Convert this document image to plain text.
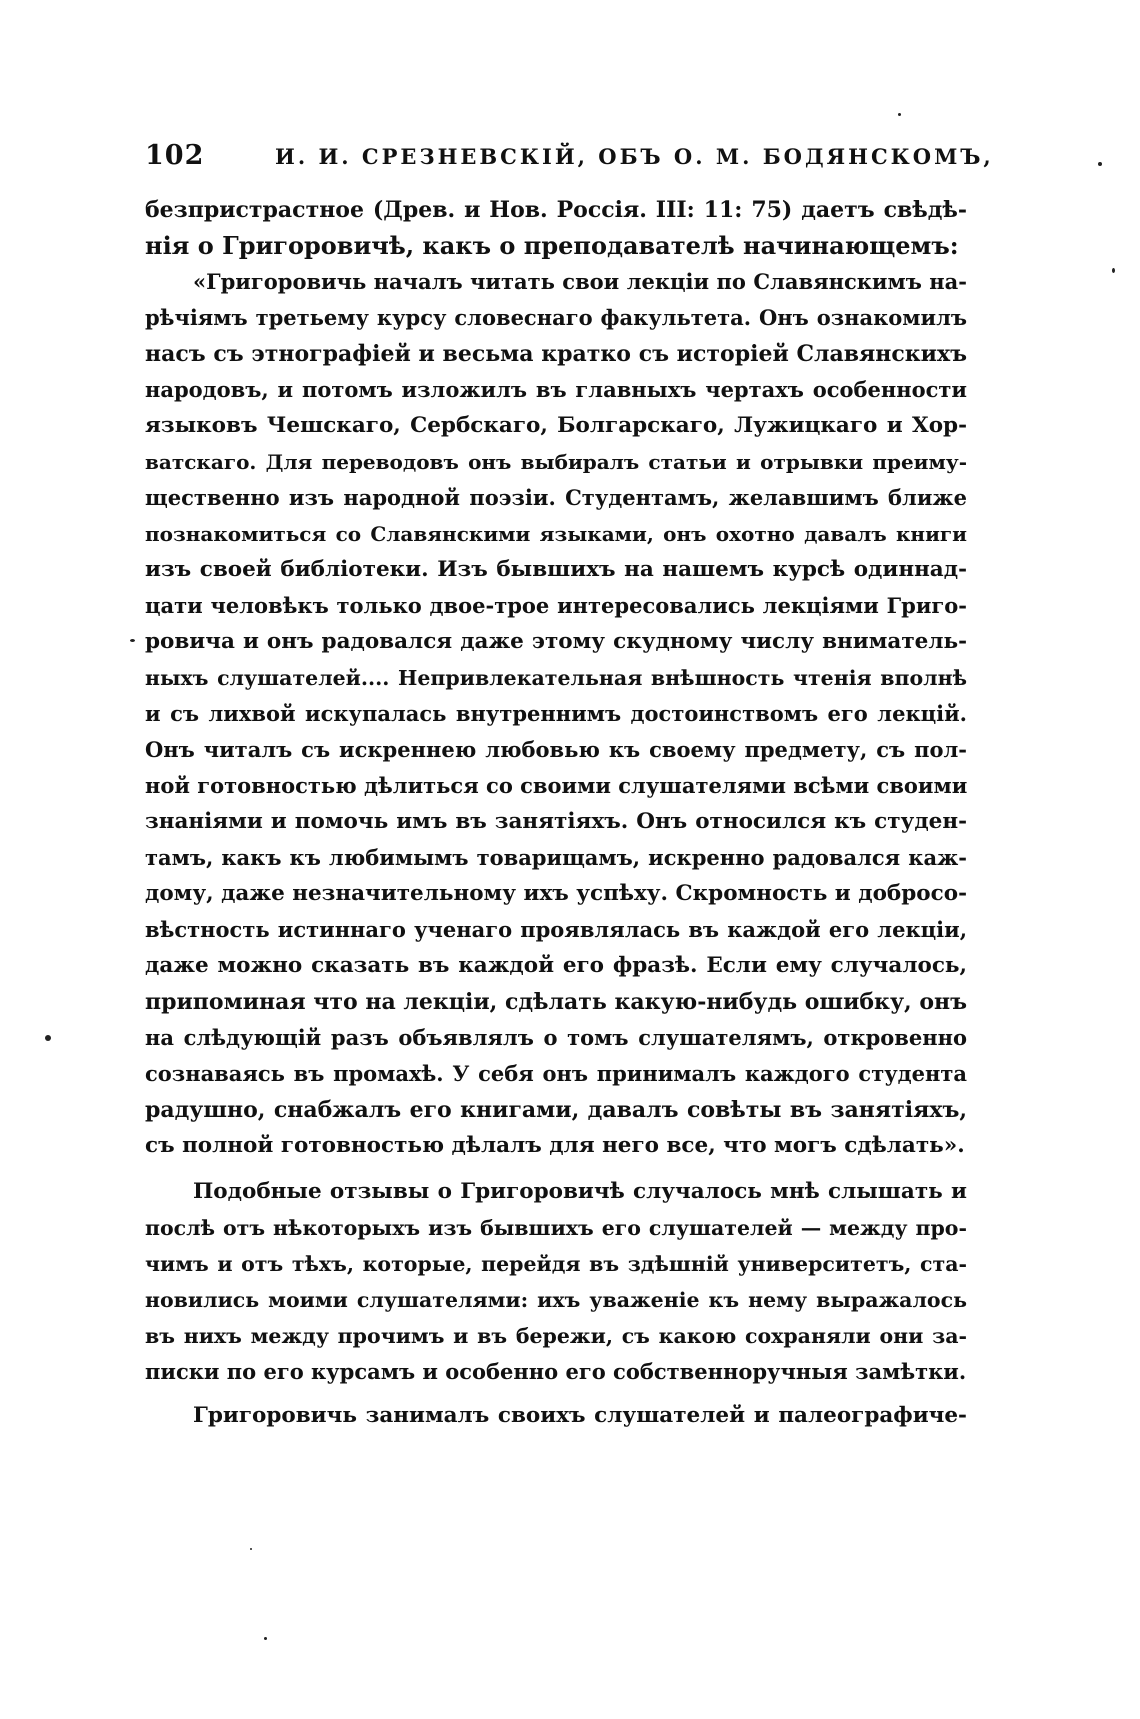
102	И. И. СРЕЗНЕВСКІЙ, ОБЪ О. М. БОДЯНСКОМЪ,
безпристрастное (Древ. и Нов. Россія. III: 11: 75) даетъ свѣдѣ-
нія о Григоровичѣ, какъ о преподавателѣ начинающемъ:
«Григоровичь началъ читать свои лекціи по Славянскимъ на-
рѣчіямъ третьему курсу словеснаго факультета. Онъ ознакомилъ
насъ съ этнографіей и весьма кратко съ исторіей Славянскихъ
народовъ, и потомъ изложилъ въ главныхъ чертахъ особенности
языковъ Чешскаго, Сербскаго, Болгарскаго, Лужицкаго и Хор-
ватскаго. Для переводовъ онъ выбиралъ статьи и отрывки преиму-
щественно изъ народной поэзіи. Студентамъ, желавшимъ ближе
познакомиться со Славянскими языками, онъ охотно давалъ книги
изъ своей библіотеки. Изъ бывшихъ на нашемъ курсѣ одиннад-
цати человѣкъ только двое-трое интересовались лекціями Григо-
ровича и онъ радовался даже этому скудному числу вниматель-
ныхъ слушателей.... Непривлекательная внѣшность чтенія вполнѣ
и съ лихвой искупалась внутреннимъ достоинствомъ его лекцій.
Онъ читалъ съ искреннею любовью къ своему предмету, съ пол-
ной готовностью дѣлиться со своими слушателями всѣми своими
знаніями и помочь имъ въ занятіяхъ. Онъ относился къ студен-
тамъ, какъ къ любимымъ товарищамъ, искренно радовался каж-
дому, даже незначительному ихъ успѣху. Скромность и добросо-
вѣстность истиннаго ученаго проявлялась въ каждой его лекціи,
даже можно сказать въ каждой его фразѣ. Если ему случалось,
припоминая что на лекціи, сдѣлать какую-нибудь ошибку, онъ
на слѣдующій разъ объявлялъ о томъ слушателямъ, откровенно
сознаваясь въ промахѣ. У себя онъ принималъ каждого студента
радушно, снабжалъ его книгами, давалъ совѣты въ занятіяхъ,
съ полной готовностью дѣлалъ для него все, что могъ сдѣлать».
Подобные отзывы о Григоровичѣ случалось мнѣ слышать и
послѣ отъ нѣкоторыхъ изъ бывшихъ его слушателей — между про-
чимъ и отъ тѣхъ, которые, перейдя въ здѣшній университетъ, ста-
новились моими слушателями: ихъ уваженіе къ нему выражалось
въ нихъ между прочимъ и въ бережи, съ какою сохраняли они за-
писки по его курсамъ и особенно его собственноручныя замѣтки.
Григоровичь занималъ своихъ слушателей и палеографиче-
